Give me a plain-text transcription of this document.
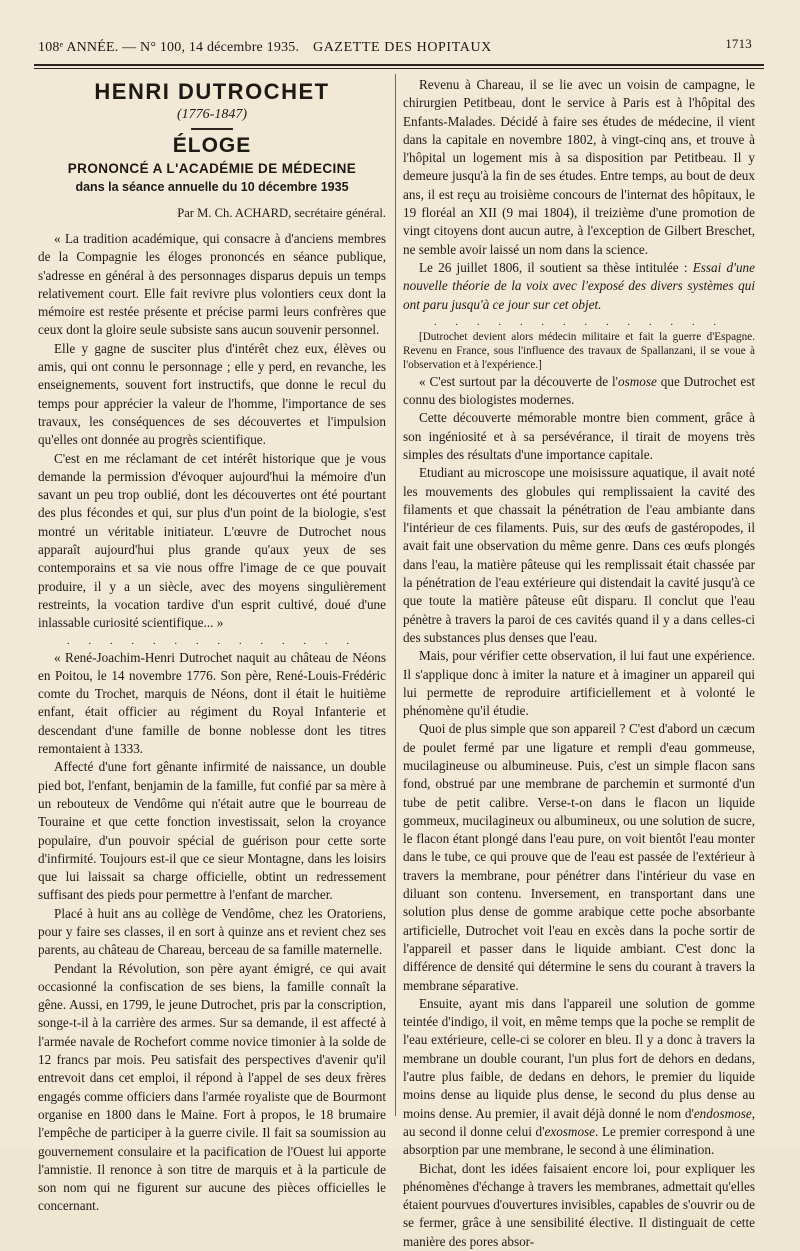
108ᵉ ANNÉE. — N° 100, 14 décembre 1935. GAZETTE DES HOPITAUX	1713
HENRI DUTROCHET
(1776-1847)
ÉLOGE
PRONONCÉ A L'ACADÉMIE DE MÉDECINE
dans la séance annuelle du 10 décembre 1935
Par M. Ch. ACHARD, secrétaire général.

« La tradition académique, qui consacre à d'anciens membres de la Compagnie les éloges prononcés en séance publique, s'adresse en général à des personnages disparus depuis un temps relativement court. Elle fait revivre plus volontiers ceux dont la mémoire est restée présente et précise parmi leurs confrères que ceux dont la gloire seule subsiste sans aucun souvenir personnel.

Elle y gagne de susciter plus d'intérêt chez eux, élèves ou amis, qui ont connu le personnage ; elle y perd, en revanche, les enseignements, souvent fort instructifs, que donne le recul du temps pour apprécier la valeur de l'homme, l'importance de ses travaux, les conséquences de ses découvertes et l'impulsion qu'elles ont donnée au progrès scientifique.

C'est en me réclamant de cet intérêt historique que je vous demande la permission d'évoquer aujourd'hui la mémoire d'un savant un peu trop oublié, dont les découvertes ont été pourtant des plus fécondes et qui, sur plus d'un point de la biologie, s'est montré un véritable initiateur. L'œuvre de Dutrochet nous apparaît aujourd'hui plus grande qu'aux yeux de ses contemporains et sa vie nous offre l'image de ce que pouvait produire, il y a un siècle, avec des moyens singulièrement restreints, la vocation tardive d'un esprit cultivé, doué d'une inlassable curiosité scientifique... »

. . . . . . . . . . . . . .

« René-Joachim-Henri Dutrochet naquit au château de Néons en Poitou, le 14 novembre 1776. Son père, René-Louis-Frédéric comte du Trochet, marquis de Néons, dont il était le huitième enfant, était officier au régiment du Royal Infanterie et descendant d'une famille de bonne noblesse dont les titres remontaient à 1333.

Affecté d'une fort gênante infirmité de naissance, un double pied bot, l'enfant, benjamin de la famille, fut confié par sa mère à un rebouteux de Vendôme qui n'était autre que le bourreau de Touraine et que cette fonction investissait, selon la croyance populaire, d'un pouvoir spécial de guérison pour cette sorte d'infirmité. Toujours est-il que ce sieur Montagne, dans les loisirs que lui laissait sa charge officielle, obtint un redressement suffisant des pieds pour permettre à l'enfant de marcher.

Placé à huit ans au collège de Vendôme, chez les Oratoriens, pour y faire ses classes, il en sort à quinze ans et revient chez ses parents, au château de Chareau, berceau de sa famille maternelle.

Pendant la Révolution, son père ayant émigré, ce qui avait occasionné la confiscation de ses biens, la famille connaît la gêne. Aussi, en 1799, le jeune Dutrochet, pris par la conscription, songe-t-il à la carrière des armes. Sur sa demande, il est affecté à l'armée navale de Rochefort comme novice timonier à la solde de 12 francs par mois. Peu satisfait des perspectives d'avenir qu'il entrevoit dans cet emploi, il répond à l'appel de ses deux frères engagés comme officiers dans l'armée royaliste que de Bourmont organise en 1800 dans le Maine. Fort à propos, le 18 brumaire l'empêche de participer à la guerre civile. Il fait sa soumission au gouvernement consulaire et la pacification de l'Ouest lui apporte l'amnistie. Il renonce à son titre de marquis et à la particule de son nom qui ne figurent sur aucune des pièces officielles le concernant.

Revenu à Chareau, il se lie avec un voisin de campagne, le chirurgien Petitbeau, dont le service à Paris est à l'hôpital des Enfants-Malades. Décidé à faire ses études de médecine, il vient dans la capitale en novembre 1802, à vingt-cinq ans, et trouve à l'hôpital un logement mis à sa disposition par Petitbeau. Il y demeure jusqu'à la fin de ses études. Entre temps, au bout de deux ans, il est reçu au troisième concours de l'internat des hôpitaux, le 19 floréal an XII (9 mai 1804), il treizième d'une promotion de vingt citoyens dont aucun autre, à l'exception de Gilbert Breschet, ne semble avoir laissé un nom dans la science.

Le 26 juillet 1806, il soutient sa thèse intitulée : Essai d'une nouvelle théorie de la voix avec l'exposé des divers systèmes qui ont paru jusqu'à ce jour sur cet objet.

. . . . . . . . . . . . . .

[Dutrochet devient alors médecin militaire et fait la guerre d'Espagne. Revenu en France, sous l'influence des travaux de Spallanzani, il se voue à l'observation et à l'expérience.]

« C'est surtout par la découverte de l'osmose que Dutrochet est connu des biologistes modernes.

Cette découverte mémorable montre bien comment, grâce à son ingéniosité et à sa persévérance, il tirait de moyens très simples des résultats d'une importance capitale.

Etudiant au microscope une moisissure aquatique, il avait noté les mouvements des globules qui remplissaient la cavité des filaments et que chassait la pénétration de l'eau ambiante dans l'intérieur de ces filaments. Puis, sur des œufs de gastéropodes, il avait fait une observation du même genre. Dans ces œufs plongés dans l'eau, la matière pâteuse qui les remplissait était chassée par la pénétration de l'eau extérieure qui distendait la cavité jusqu'à ce que toute la matière pâteuse eût disparu. Il conclut que l'eau pénètre à travers la paroi de ces cavités quand il y a dans celles-ci des substances plus denses que l'eau.

Mais, pour vérifier cette observation, il lui faut une expérience. Il s'applique donc à imiter la nature et à imaginer un appareil qui lui permette de reproduire artificiellement et à volonté le phénomène qu'il étudie.

Quoi de plus simple que son appareil ? C'est d'abord un cæcum de poulet fermé par une ligature et rempli d'eau gommeuse, mucilagineuse ou albumineuse. Puis, c'est un simple flacon sans fond, obstrué par une membrane de parchemin et surmonté d'un tube de petit calibre. Verse-t-on dans le flacon un liquide gommeux, mucilagineux ou albumineux, ou une solution de sucre, le flacon étant plongé dans l'eau pure, on voit bientôt l'eau monter dans le tube, ce qui prouve que de l'eau est passée de l'extérieur à travers la membrane, pour pénétrer dans l'intérieur du vase en diluant son contenu. Inversement, en transportant dans une solution plus dense de gomme arabique cette poche absorbante artificielle, Dutrochet voit l'eau en excès dans la poche sortir de l'appareil et passer dans le liquide ambiant. C'est donc la différence de densité qui détermine le sens du courant à travers la membrane séparative.

Ensuite, ayant mis dans l'appareil une solution de gomme teintée d'indigo, il voit, en même temps que la poche se remplit de l'eau extérieure, celle-ci se colorer en bleu. Il y a donc à travers la membrane un double courant, l'un plus fort de dehors en dedans, l'autre plus faible, de dedans en dehors, le premier du liquide moins dense au liquide plus dense, le second du plus dense au moins dense. Au premier, il avait déjà donné le nom d'endosmose, au second il donne celui d'exosmose. Le premier correspond à une absorption par une membrane, le second à une élimination.

Bichat, dont les idées faisaient encore loi, pour expliquer les phénomènes d'échange à travers les membranes, admettait qu'elles étaient pourvues d'ouvertures invisibles, capables de s'ouvrir ou de se fermer, grâce à une sensibilité élective. Il distinguait de cette manière des pores absor-
